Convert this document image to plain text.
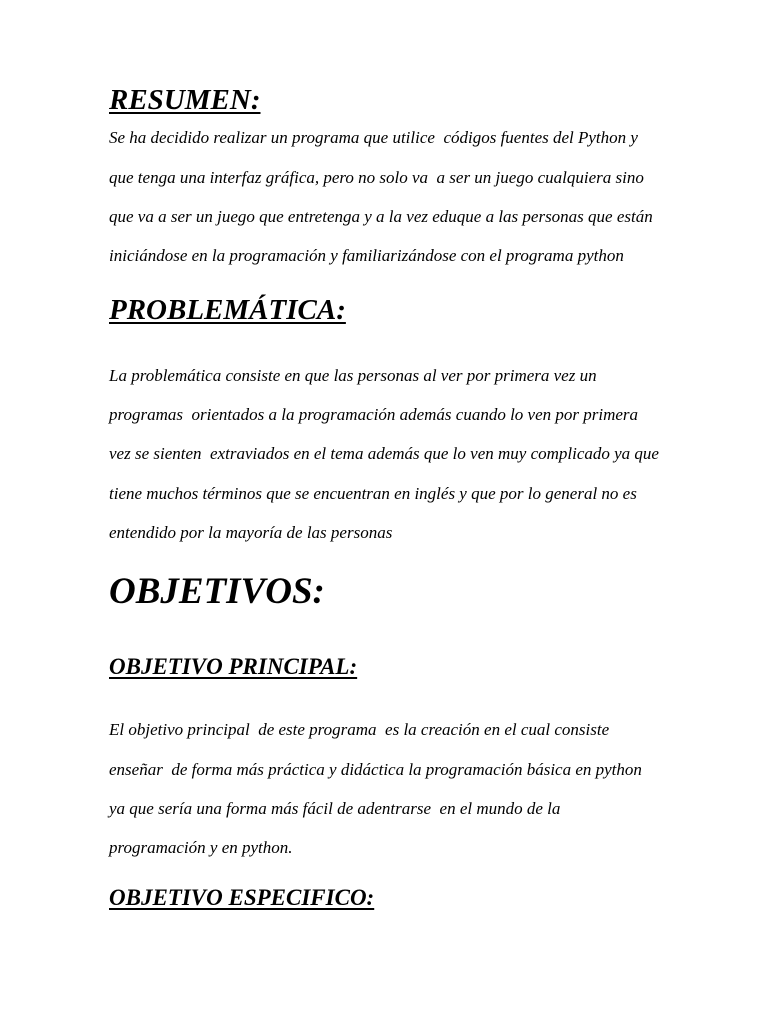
RESUMEN:

Se ha decidido realizar un programa que utilice  códigos fuentes del Python y

que tenga una interfaz gráfica, pero no solo va  a ser un juego cualquiera sino

que va a ser un juego que entretenga y a la vez eduque a las personas que están

iniciándose en la programación y familiarizándose con el programa python

PROBLEMÁTICA:

La problemática consiste en que las personas al ver por primera vez un

programas  orientados a la programación además cuando lo ven por primera

vez se sienten  extraviados en el tema además que lo ven muy complicado ya que

tiene muchos términos que se encuentran en inglés y que por lo general no es

entendido por la mayoría de las personas

OBJETIVOS:
OBJETIVO PRINCIPAL:

El objetivo principal  de este programa  es la creación en el cual consiste

enseñar  de forma más práctica y didáctica la programación básica en python

ya que sería una forma más fácil de adentrarse  en el mundo de la

programación y en python.

OBJETIVO ESPECIFICO:
